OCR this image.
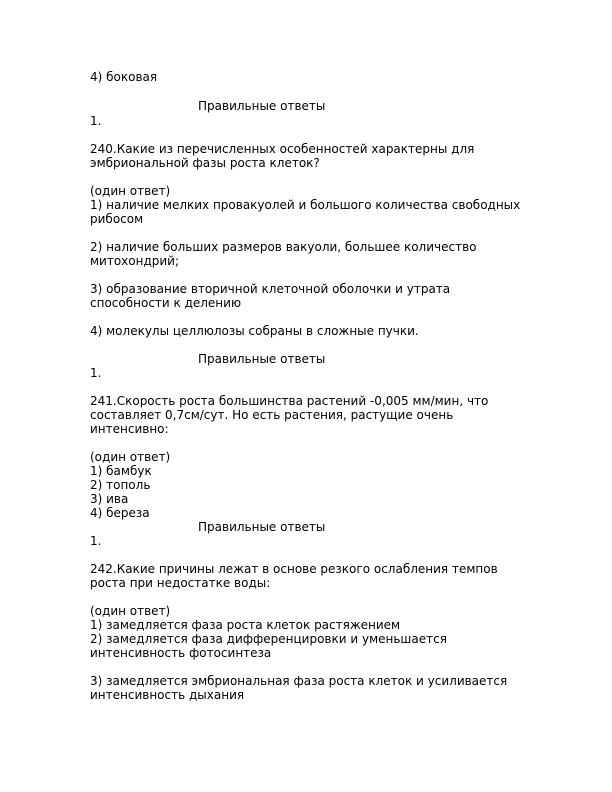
4) боковая
Правильные ответы
1.
240.Какие из перечисленных особенностей характерны для
эмбриональной фазы роста клеток?
(один ответ)
1) наличие мелких провакуолей и большого количества свободных
рибосом
2) наличие больших размеров вакуоли, большее количество
митохондрий;
3) образование вторичной клеточной оболочки и утрата
способности к делению
4) молекулы целлюлозы собраны в сложные пучки.
Правильные ответы
1.
241.Скорость роста большинства растений -0,005 мм/мин, что
составляет 0,7см/сут. Но есть растения, растущие очень
интенсивно:
(один ответ)
1) бамбук
2) тополь
3) ива
4) береза
Правильные ответы
1.
242.Какие причины лежат в основе резкого ослабления темпов
роста при недостатке воды:
(один ответ)
1) замедляется фаза роста клеток растяжением
2) замедляется фаза дифференцировки и уменьшается
интенсивность фотосинтеза
3) замедляется эмбриональная фаза роста клеток и усиливается
интенсивность дыхания
